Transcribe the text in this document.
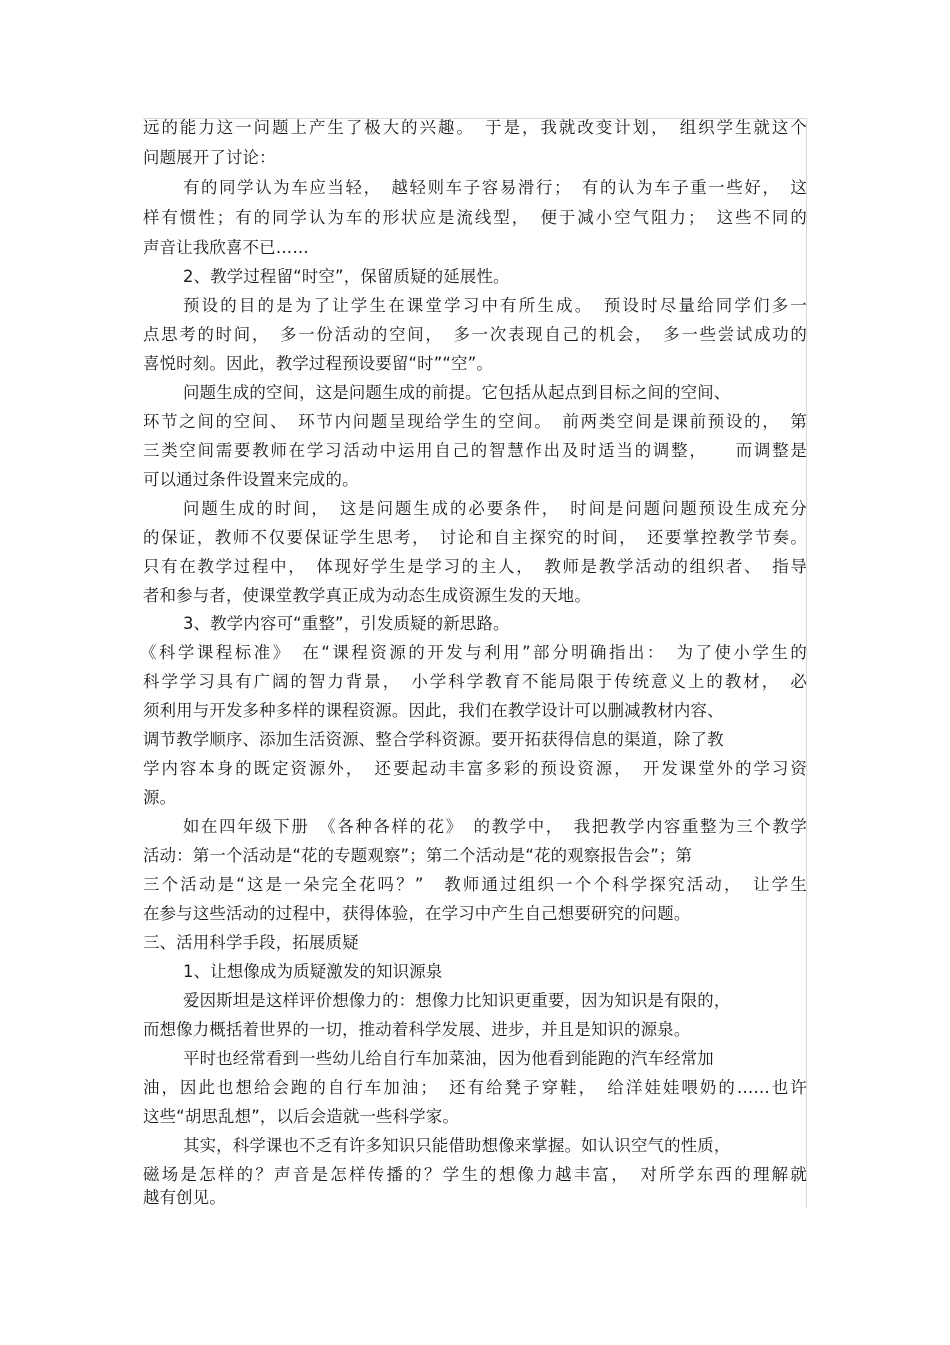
远的能力这一问题上产生了极大的兴趣。　于是，我就改变计划，　组织学生就这个
问题展开了讨论：
有的同学认为车应当轻，　越轻则车子容易滑行；　有的认为车子重一些好，　这
样有惯性；有的同学认为车的形状应是流线型，　便于减小空气阻力；　这些不同的
声音让我欣喜不已……
2、教学过程留“时空”，保留质疑的延展性。
预设的目的是为了让学生在课堂学习中有所生成。　预设时尽量给同学们多一
点思考的时间，　多一份活动的空间，　多一次表现自己的机会，　多一些尝试成功的
喜悦时刻。因此，教学过程预设要留“时”“空”。
问题生成的空间，这是问题生成的前提。它包括从起点到目标之间的空间、
环节之间的空间、　环节内问题呈现给学生的空间。　前两类空间是课前预设的，　第
三类空间需要教师在学习活动中运用自己的智慧作出及时适当的调整，　　而调整是
可以通过条件设置来完成的。
问题生成的时间，　这是问题生成的必要条件，　时间是问题问题预设生成充分
的保证，教师不仅要保证学生思考，　讨论和自主探究的时间，　还要掌控教学节奏。
只有在教学过程中，　体现好学生是学习的主人，　教师是教学活动的组织者、　指导
者和参与者，使课堂教学真正成为动态生成资源生发的天地。
3、教学内容可“重整”，引发质疑的新思路。
《科学课程标准》　在“课程资源的开发与利用”部分明确指出：　为了使小学生的
科学学习具有广阔的智力背景，　小学科学教育不能局限于传统意义上的教材，　必
须利用与开发多种多样的课程资源。因此，我们在教学设计可以删减教材内容、
调节教学顺序、添加生活资源、整合学科资源。要开拓获得信息的渠道，除了教
学内容本身的既定资源外，　还要起动丰富多彩的预设资源，　开发课堂外的学习资
源。
如在四年级下册　《各种各样的花》　的教学中，　我把教学内容重整为三个教学
活动：第一个活动是“花的专题观察”；第二个活动是“花的观察报告会”；第
三个活动是“这是一朵完全花吗？”　教师通过组织一个个科学探究活动，　让学生
在参与这些活动的过程中，获得体验，在学习中产生自己想要研究的问题。
三、活用科学手段，拓展质疑
1、让想像成为质疑激发的知识源泉
爱因斯坦是这样评价想像力的：想像力比知识更重要，因为知识是有限的，
而想像力概括着世界的一切，推动着科学发展、进步，并且是知识的源泉。
平时也经常看到一些幼儿给自行车加菜油，因为他看到能跑的汽车经常加
油，因此也想给会跑的自行车加油；　还有给凳子穿鞋，　给洋娃娃喂奶的……也许
这些“胡思乱想”，以后会造就一些科学家。
其实，科学课也不乏有许多知识只能借助想像来掌握。如认识空气的性质，
磁场是怎样的？声音是怎样传播的？学生的想像力越丰富，　对所学东西的理解就
越有创见。
